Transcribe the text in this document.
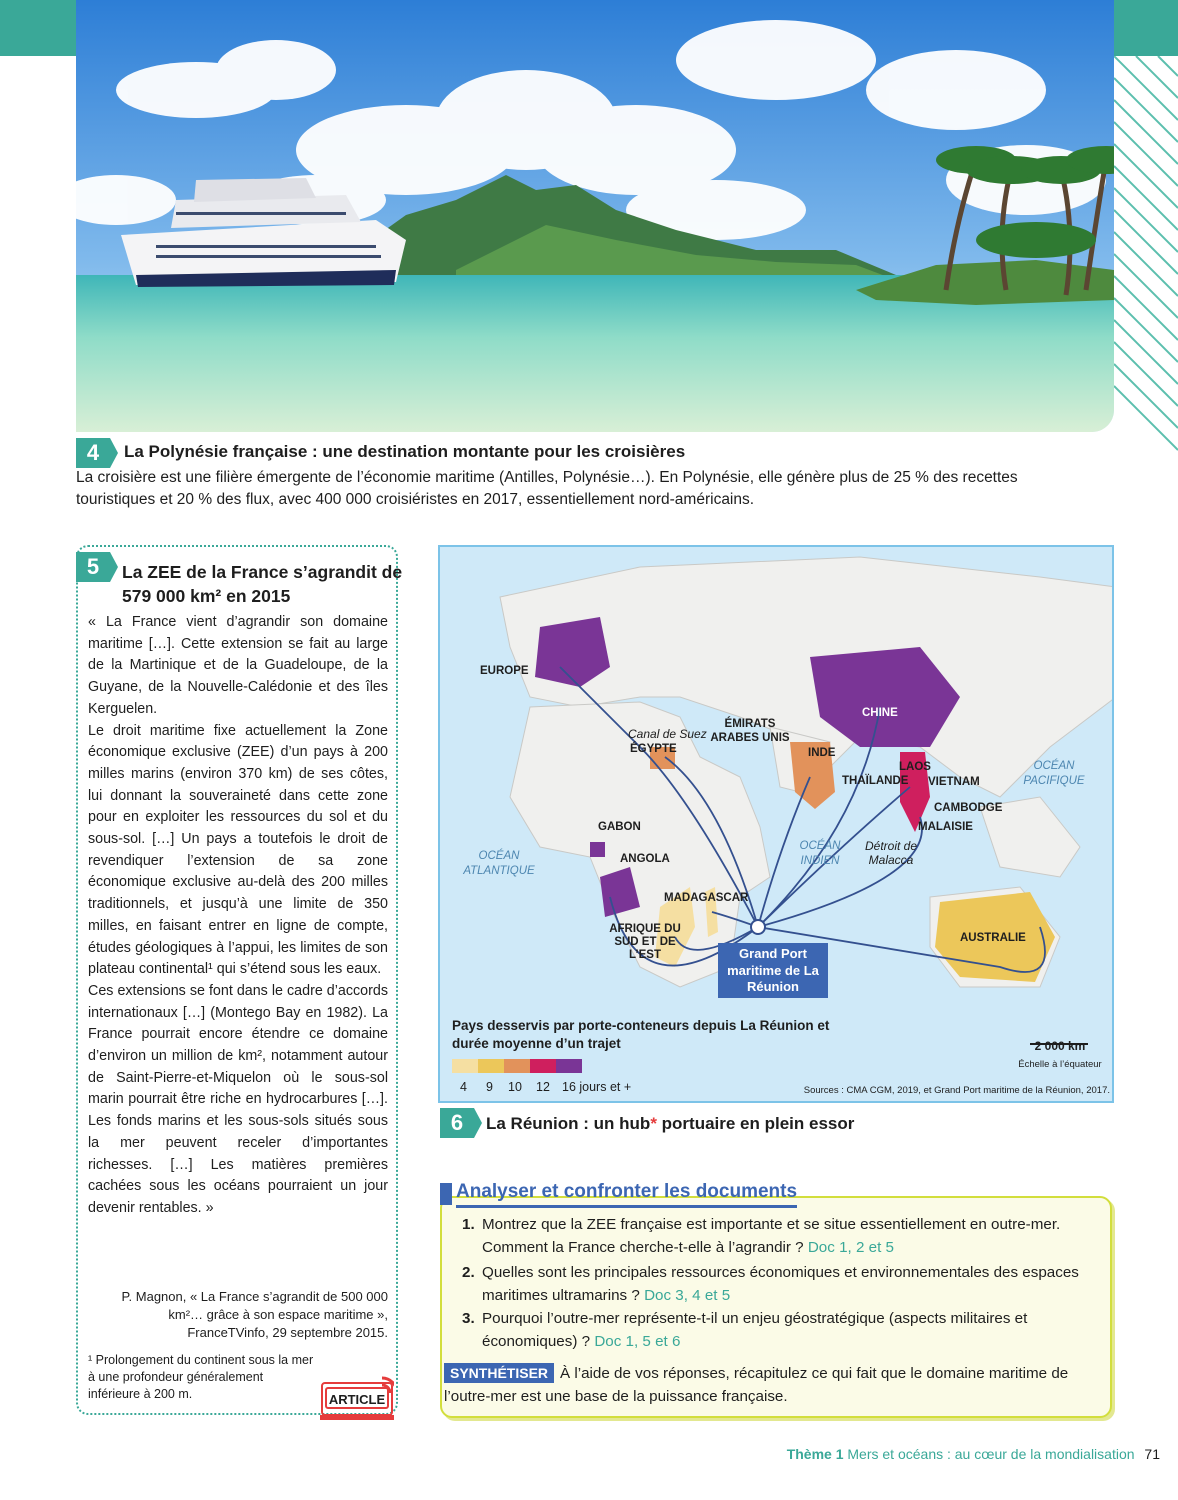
4 La Polynésie française : une destination montante pour les croisières
La croisière est une filière émergente de l’économie maritime (Antilles, Polynésie…). En Polynésie, elle génère plus de 25 % des recettes touristiques et 20 % des flux, avec 400 000 croisiéristes en 2017, essentiellement nord-américains.
5	La ZEE de la France s’agrandit de 579 000 km² en 2015

« La France vient d’agrandir son domaine maritime […]. Cette extension se fait au large de la Martinique et de la Guadeloupe, de la Guyane, de la Nouvelle-Calédonie et des îles Kerguelen.

Le droit maritime fixe actuellement la Zone économique exclusive (ZEE) d’un pays à 200 milles marins (environ 370 km) de ses côtes, lui donnant la souveraineté dans cette zone pour en exploiter les ressources du sol et du sous-sol. […] Un pays a toutefois le droit de revendiquer l’extension de sa zone économique exclusive au-delà des 200 milles traditionnels, et jusqu’à une limite de 350 milles, en faisant entrer en ligne de compte, études géologiques à l’appui, les limites de son plateau continental¹ qui s’étend sous les eaux.

Ces extensions se font dans le cadre d’accords internationaux […] (Montego Bay en 1982). La France pourrait encore étendre ce domaine d’environ un million de km², notamment autour de Saint-Pierre-et-Miquelon où le sous-sol marin pourrait être riche en hydrocarbures […]. Les fonds marins et les sous-sols situés sous la mer peuvent receler d’importantes richesses. […] Les matières premières cachées sous les océans pourraient un jour devenir rentables. »

P. Magnon, « La France s’agrandit de 500 000 km²… grâce à son espace maritime », FranceTVinfo, 29 septembre 2015.
¹ Prolongement du continent sous la mer à une profondeur généralement inférieure à 200 m.	ARTICLE
EUROPE
Canal de Suez
ÉGYPTE
ÉMIRATS ARABES UNIS
INDE
CHINE
LAOS
THAÏLANDE VIETNAM
CAMBODGE
MALAISIE
Détroit de Malacca
GABON
ANGOLA
MADAGASCAR
AFRIQUE DU SUD ET DE L’EST
AUSTRALIE
OCÉAN ATLANTIQUE
OCÉAN INDIEN
OCÉAN PACIFIQUE
Grand Port maritime de La Réunion
Pays desservis par porte-conteneurs depuis La Réunion et durée moyenne d’un trajet
4 9 10 12 16 jours et +
2 000 km
Échelle à l’équateur
Sources : CMA CGM, 2019, et Grand Port maritime de la Réunion, 2017.
6	La Réunion : un hub* portuaire en plein essor
Analyser et confronter les documents
1. Montrez que la ZEE française est importante et se situe essentiellement en outre-mer. Comment la France cherche-t-elle à l’agrandir ? Doc 1, 2 et 5
2. Quelles sont les principales ressources économiques et environnementales des espaces maritimes ultramarins ? Doc 3, 4 et 5
3. Pourquoi l’outre-mer représente-t-il un enjeu géostratégique (aspects militaires et économiques) ? Doc 1, 5 et 6
SYNTHÉTISER À l’aide de vos réponses, récapitulez ce qui fait que le domaine maritime de l’outre-mer est une base de la puissance française.
Thème 1 Mers et océans : au cœur de la mondialisation 71
